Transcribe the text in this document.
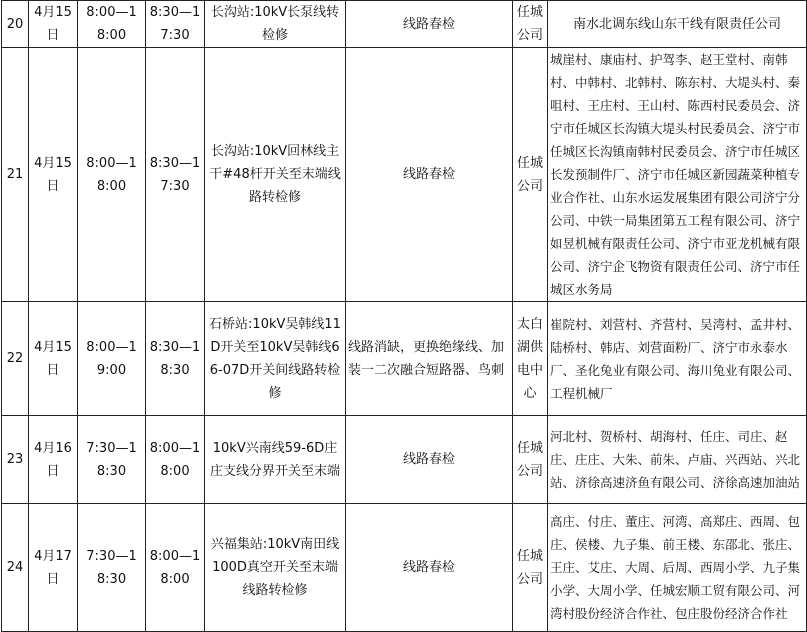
20	4月15日	8:00—18:00	8:30—17:30	长沟站:10kV长泵线转检修	线路春检	任城公司	南水北调东线山东干线有限责任公司
21	4月15日	8:00—18:00	8:30—17:30	长沟站:10kV回林线主干#48杆开关至末端线路转检修	线路春检	任城公司	城崖村、康庙村、护驾李、赵王堂村、南韩村、中韩村、北韩村、陈东村、大堤头村、秦咀村、王庄村、王山村、陈西村民委员会、济宁市任城区长沟镇大堤头村民委员会、济宁市任城区长沟镇南韩村民委员会、济宁市任城区长发预制件厂、济宁市任城区新园蔬菜种植专业合作社、山东水运发展集团有限公司济宁分公司、中铁一局集团第五工程有限公司、济宁如昱机械有限责任公司、济宁市亚龙机械有限公司、济宁企飞物资有限责任公司、济宁市任城区水务局
22	4月15日	8:00—19:00	8:30—18:30	石桥站:10kV吴韩线11D开关至10kV吴韩线66-07D开关间线路转检修	线路消缺，更换绝缘线、加装一二次融合短路器、鸟刺	太白湖供电中心	崔院村、刘营村、齐营村、吴湾村、孟井村、陆桥村、韩店、刘营面粉厂、济宁市永泰水厂、圣化兔业有限公司、海川兔业有限公司、工程机械厂
23	4月16日	7:30—18:30	8:00—18:00	10kV兴南线59-6D庄庄支线分界开关至末端	线路春检	任城公司	河北村、贺桥村、胡海村、任庄、司庄、赵庄、庄庄、大朱、前朱、卢庙、兴西站、兴北站、济徐高速济鱼有限公司、济徐高速加油站
24	4月17日	7:30—18:30	8:00—18:00	兴福集站:10kV南田线100D真空开关至末端线路转检修	线路春检	任城公司	高庄、付庄、董庄、河湾、高郑庄、西周、包庄、侯楼、九子集、前王楼、东邵北、张庄、王庄、艾庄、大周、后周、西周小学、九子集小学、大周小学、任城宏顺工贸有限公司、河湾村股份经济合作社、包庄股份经济合作社
